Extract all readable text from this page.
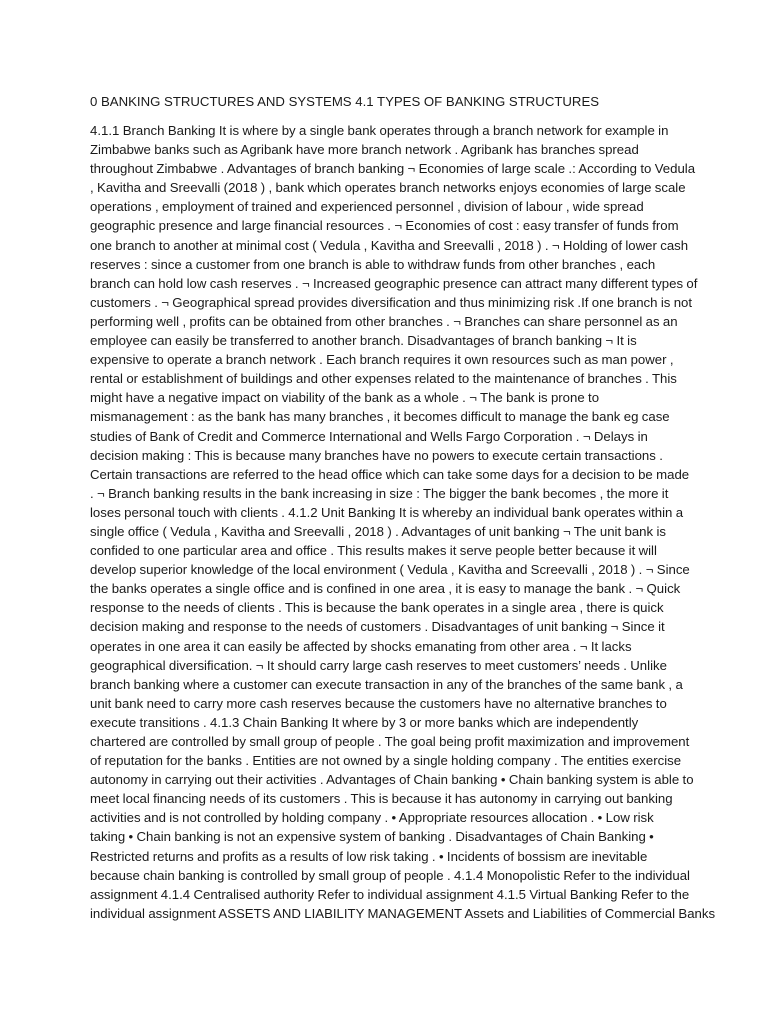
0 BANKING STRUCTURES AND SYSTEMS 4.1 TYPES OF BANKING STRUCTURES
4.1.1 Branch Banking It is where by a single bank operates through a branch network for example in
Zimbabwe banks such as Agribank have more branch network . Agribank has branches spread
throughout Zimbabwe . Advantages of branch banking ¬ Economies of large scale .: According to Vedula
, Kavitha and Sreevalli (2018 ) , bank which operates branch networks enjoys economies of large scale
operations , employment of trained and experienced personnel , division of labour , wide spread
geographic presence and large financial resources . ¬ Economies of cost : easy transfer of funds from
one branch to another at minimal cost ( Vedula , Kavitha and Sreevalli , 2018 ) . ¬ Holding of lower cash
reserves : since a customer from one branch is able to withdraw funds from other branches , each
branch can hold low cash reserves . ¬ Increased geographic presence can attract many different types of
customers . ¬ Geographical spread provides diversification and thus minimizing risk .If one branch is not
performing well , profits can be obtained from other branches . ¬ Branches can share personnel as an
employee can easily be transferred to another branch. Disadvantages of branch banking ¬ It is
expensive to operate a branch network . Each branch requires it own resources such as man power ,
rental or establishment of buildings and other expenses related to the maintenance of branches . This
might have a negative impact on viability of the bank as a whole . ¬ The bank is prone to
mismanagement : as the bank has many branches , it becomes difficult to manage the bank eg case
studies of Bank of Credit and Commerce International and Wells Fargo Corporation . ¬ Delays in
decision making : This is because many branches have no powers to execute certain transactions .
Certain transactions are referred to the head office which can take some days for a decision to be made
. ¬ Branch banking results in the bank increasing in size : The bigger the bank becomes , the more it
loses personal touch with clients . 4.1.2 Unit Banking It is whereby an individual bank operates within a
single office ( Vedula , Kavitha and Sreevalli , 2018 ) . Advantages of unit banking ¬ The unit bank is
confided to one particular area and office . This results makes it serve people better because it will
develop superior knowledge of the local environment ( Vedula , Kavitha and Screevalli , 2018 ) . ¬ Since
the banks operates a single office and is confined in one area , it is easy to manage the bank . ¬ Quick
response to the needs of clients . This is because the bank operates in a single area , there is quick
decision making and response to the needs of customers . Disadvantages of unit banking ¬ Since it
operates in one area it can easily be affected by shocks emanating from other area . ¬ It lacks
geographical diversification. ¬ It should carry large cash reserves to meet customers’ needs . Unlike
branch banking where a customer can execute transaction in any of the branches of the same bank , a
unit bank need to carry more cash reserves because the customers have no alternative branches to
execute transitions . 4.1.3 Chain Banking It where by 3 or more banks which are independently
chartered are controlled by small group of people . The goal being profit maximization and improvement
of reputation for the banks . Entities are not owned by a single holding company . The entities exercise
autonomy in carrying out their activities . Advantages of Chain banking • Chain banking system is able to
meet local financing needs of its customers . This is because it has autonomy in carrying out banking
activities and is not controlled by holding company . • Appropriate resources allocation . • Low risk
taking • Chain banking is not an expensive system of banking . Disadvantages of Chain Banking •
Restricted returns and profits as a results of low risk taking . • Incidents of bossism are inevitable
because chain banking is controlled by small group of people . 4.1.4 Monopolistic Refer to the individual
assignment 4.1.4 Centralised authority Refer to individual assignment 4.1.5 Virtual Banking Refer to the
individual assignment ASSETS AND LIABILITY MANAGEMENT Assets and Liabilities of Commercial Banks
